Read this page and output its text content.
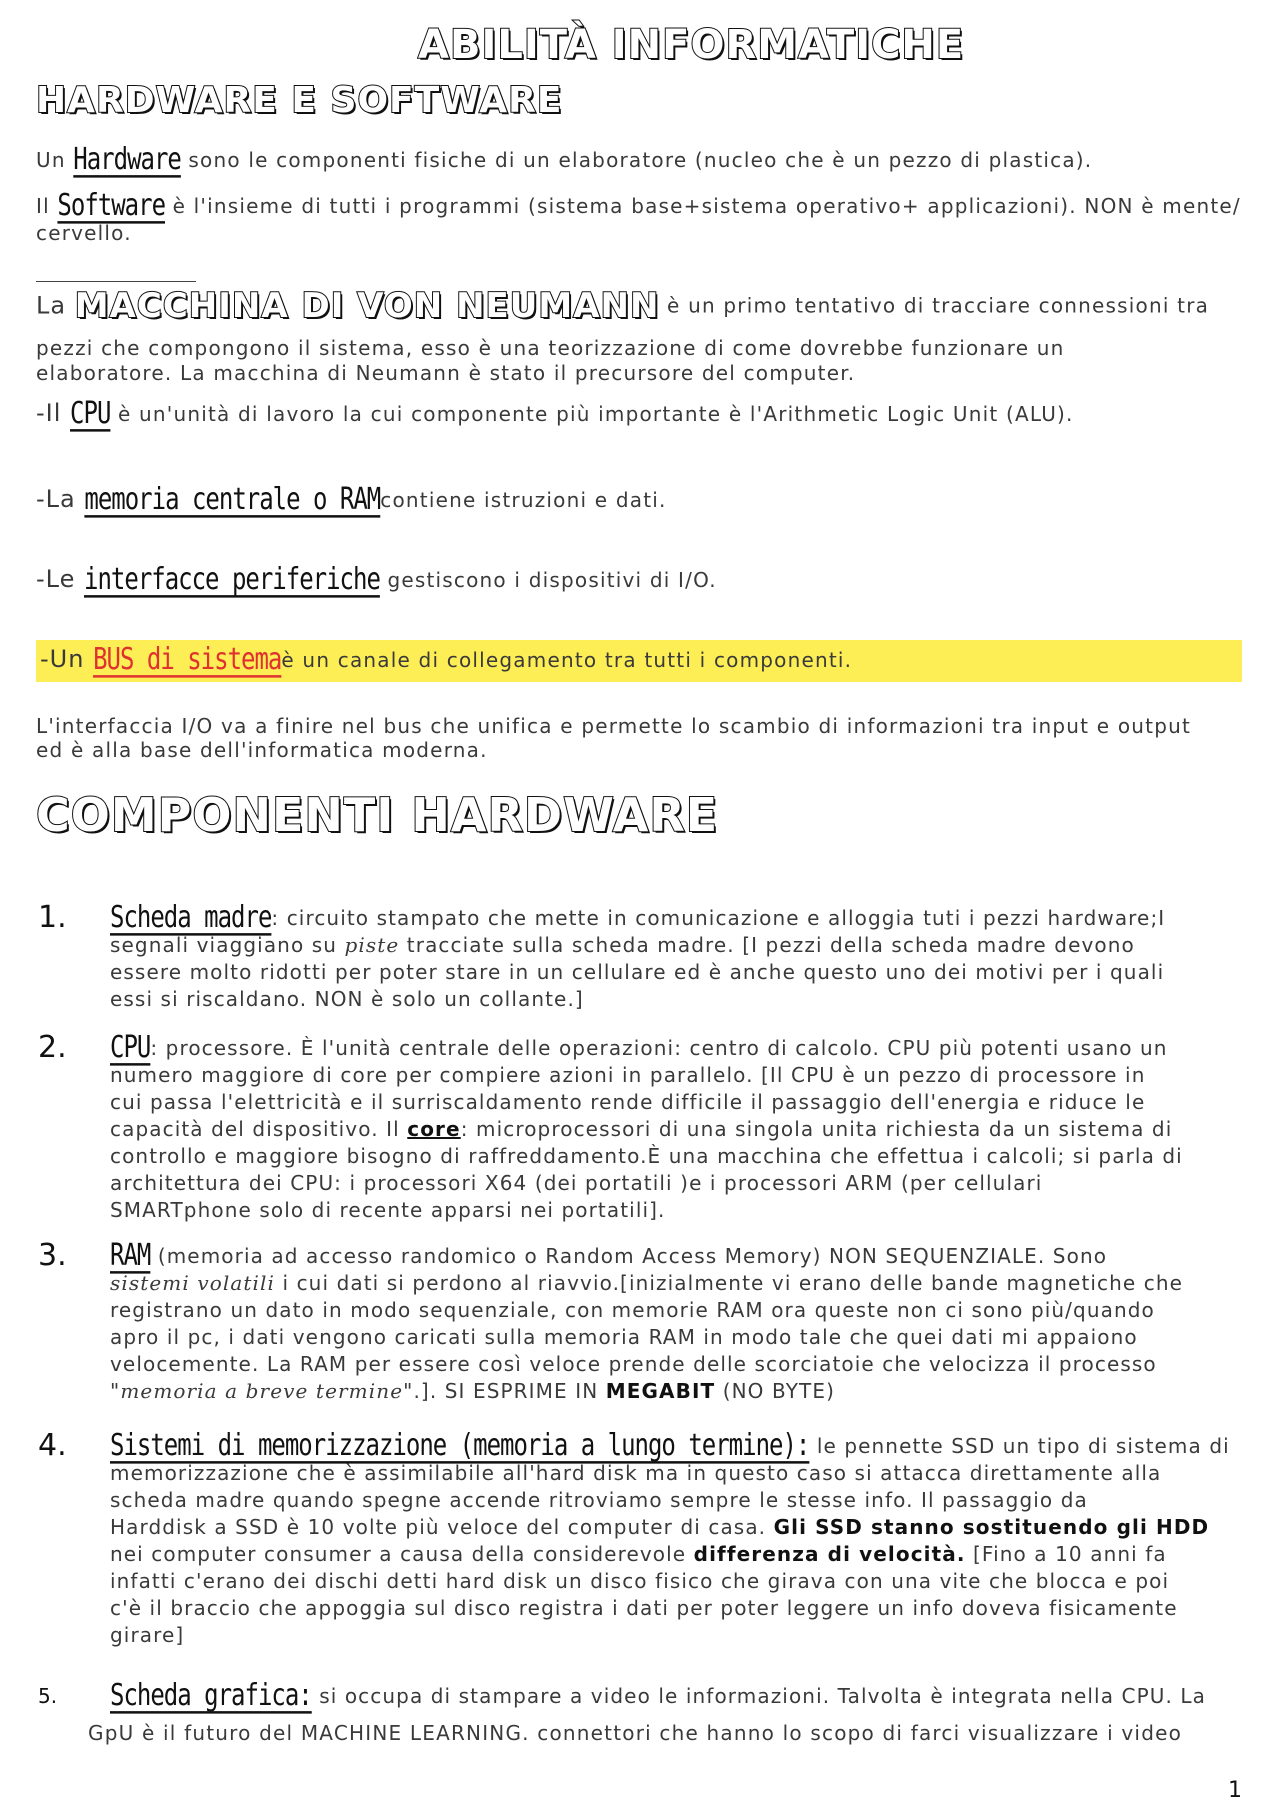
ABILITÀ INFORMATICHE
HARDWARE E SOFTWARE
Un Hardware sono le componenti fisiche di un elaboratore (nucleo che è un pezzo di plastica).
Il Software è l'insieme di tutti i programmi (sistema base+sistema operativo+ applicazioni). NON è mente/
cervello.
La MACCHINA DI VON NEUMANN è un primo tentativo di tracciare connessioni tra
pezzi che compongono il sistema, esso è una teorizzazione di come dovrebbe funzionare un
elaboratore. La macchina di Neumann è stato il precursore del computer.
-Il CPU è un'unità di lavoro la cui componente più importante è l'Arithmetic Logic Unit (ALU).
-La memoria centrale o RAMcontiene istruzioni e dati.
-Le interfacce periferiche gestiscono i dispositivi di I/O.
-Un BUS di sistemaè un canale di collegamento tra tutti i componenti.
L'interfaccia I/O va a finire nel bus che unifica e permette lo scambio di informazioni tra input e output
ed è alla base dell'informatica moderna.
COMPONENTI HARDWARE
1. Scheda madre: circuito stampato che mette in comunicazione e alloggia tuti i pezzi hardware;I
segnali viaggiano su piste tracciate sulla scheda madre. [I pezzi della scheda madre devono
essere molto ridotti per poter stare in un cellulare ed è anche questo uno dei motivi per i quali
essi si riscaldano. NON è solo un collante.]
2. CPU: processore. È l'unità centrale delle operazioni: centro di calcolo. CPU più potenti usano un
numero maggiore di core per compiere azioni in parallelo. [Il CPU è un pezzo di processore in
cui passa l'elettricità e il surriscaldamento rende difficile il passaggio dell'energia e riduce le
capacità del dispositivo. Il core: microprocessori di una singola unita richiesta da un sistema di
controllo e maggiore bisogno di raffreddamento.È una macchina che effettua i calcoli; si parla di
architettura dei CPU: i processori X64 (dei portatili )e i processori ARM (per cellulari
SMARTphone solo di recente apparsi nei portatili].
3. RAM (memoria ad accesso randomico o Random Access Memory) NON SEQUENZIALE. Sono
sistemi volatili i cui dati si perdono al riavvio.[inizialmente vi erano delle bande magnetiche che
registrano un dato in modo sequenziale, con memorie RAM ora queste non ci sono più/quando
apro il pc, i dati vengono caricati sulla memoria RAM in modo tale che quei dati mi appaiono
velocemente. La RAM per essere così veloce prende delle scorciatoie che velocizza il processo
"memoria a breve termine".]. SI ESPRIME IN MEGABIT (NO BYTE)
4. Sistemi di memorizzazione (memoria a lungo termine): le pennette SSD un tipo di sistema di
memorizzazione che è assimilabile all'hard disk ma in questo caso si attacca direttamente alla
scheda madre quando spegne accende ritroviamo sempre le stesse info. Il passaggio da
Harddisk a SSD è 10 volte più veloce del computer di casa. Gli SSD stanno sostituendo gli HDD
nei computer consumer a causa della considerevole differenza di velocità. [Fino a 10 anni fa
infatti c'erano dei dischi detti hard disk un disco fisico che girava con una vite che blocca e poi
c'è il braccio che appoggia sul disco registra i dati per poter leggere un info doveva fisicamente
girare]
5. Scheda grafica: si occupa di stampare a video le informazioni. Talvolta è integrata nella CPU. La
GpU è il futuro del MACHINE LEARNING. connettori che hanno lo scopo di farci visualizzare i video
1
